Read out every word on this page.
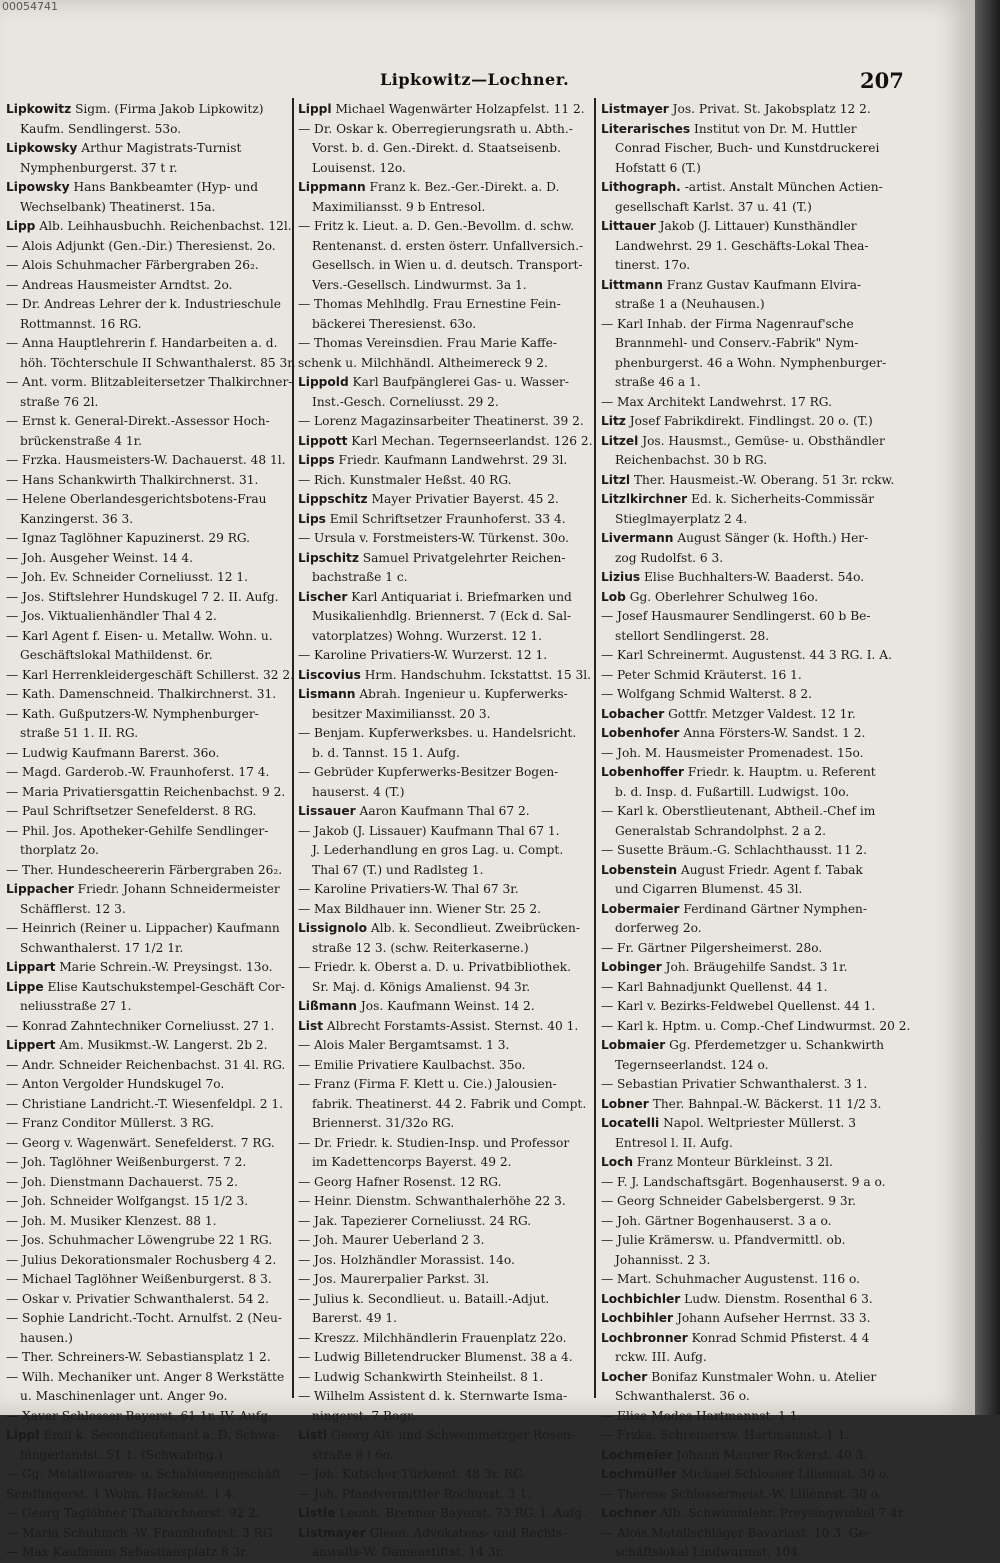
00054741
Lipkowitz—Lochner.	207
Lipkowitz Sigm. (Firma Jakob Lipkowitz)
Kaufm. Sendlingerst. 53o.
Lipkowsky Arthur Magistrats-Turnist
Nymphenburgerst. 37 t r.
Lipowsky Hans Bankbeamter (Hyp- und
Wechselbank) Theatinerst. 15a.
Lipp Alb. Leihhausbuchh. Reichenbachst. 12l.
— Alois Adjunkt (Gen.-Dir.) Theresienst. 2o.
— Alois Schuhmacher Färbergraben 26₂.
— Andreas Hausmeister Arndtst. 2o.
— Dr. Andreas Lehrer der k. Industrieschule
Rottmannst. 16 RG.
— Anna Hauptlehrerin f. Handarbeiten a. d.
höh. Töchterschule II Schwanthalerst. 85 3r.
— Ant. vorm. Blitzableitersetzer Thalkirchner-
straße 76 2l.
— Ernst k. General-Direkt.-Assessor Hoch-
brückenstraße 4 1r.
— Frzka. Hausmeisters-W. Dachauerst. 48 1l.
— Hans Schankwirth Thalkirchnerst. 31.
— Helene Oberlandesgerichtsbotens-Frau
Kanzingerst. 36 3.
— Ignaz Taglöhner Kapuzinerst. 29 RG.
— Joh. Ausgeher Weinst. 14 4.
— Joh. Ev. Schneider Corneliusst. 12 1.
— Jos. Stiftslehrer Hundskugel 7 2. II. Aufg.
— Jos. Viktualienhändler Thal 4 2.
— Karl Agent f. Eisen- u. Metallw. Wohn. u.
Geschäftslokal Mathildenst. 6r.
— Karl Herrenkleidergeschäft Schillerst. 32 2.
— Kath. Damenschneid. Thalkirchnerst. 31.
— Kath. Gußputzers-W. Nymphenburger-
straße 51 1. II. RG.
— Ludwig Kaufmann Barerst. 36o.
— Magd. Garderob.-W. Fraunhoferst. 17 4.
— Maria Privatiersgattin Reichenbachst. 9 2.
— Paul Schriftsetzer Senefelderst. 8 RG.
— Phil. Jos. Apotheker-Gehilfe Sendlinger-
thorplatz 2o.
— Ther. Hundescheererin Färbergraben 26₂.
Lippacher Friedr. Johann Schneidermeister
Schäfflerst. 12 3.
— Heinrich (Reiner u. Lippacher) Kaufmann
Schwanthalerst. 17 1/2 1r.
Lippart Marie Schrein.-W. Preysingst. 13o.
Lippe Elise Kautschukstempel-Geschäft Cor-
neliusstraße 27 1.
— Konrad Zahntechniker Corneliusst. 27 1.
Lippert Am. Musikmst.-W. Langerst. 2b 2.
— Andr. Schneider Reichenbachst. 31 4l. RG.
— Anton Vergolder Hundskugel 7o.
— Christiane Landricht.-T. Wiesenfeldpl. 2 1.
— Franz Conditor Müllerst. 3 RG.
— Georg v. Wagenwärt. Senefelderst. 7 RG.
— Joh. Taglöhner Weißenburgerst. 7 2.
— Joh. Dienstmann Dachauerst. 75 2.
— Joh. Schneider Wolfgangst. 15 1/2 3.
— Joh. M. Musiker Klenzest. 88 1.
— Jos. Schuhmacher Löwengrube 22 1 RG.
— Julius Dekorationsmaler Rochusberg 4 2.
— Michael Taglöhner Weißenburgerst. 8 3.
— Oskar v. Privatier Schwanthalerst. 54 2.
— Sophie Landricht.-Tocht. Arnulfst. 2 (Neu-
hausen.)
— Ther. Schreiners-W. Sebastiansplatz 1 2.
— Wilh. Mechaniker unt. Anger 8 Werkstätte
u. Maschinenlager unt. Anger 9o.
— Xaver Schlosser Bayerst. 61 1r. IV. Aufg.
Lippl Emil k. Secondlieutenant a. D. Schwa-
bingerlandst. 51 1. (Schwabing.)
— Gg. Metallwaaren- u. Schablonengeschäft
Sendlingerst. 1 Wohn. Hackenst. 1 4.
— Georg Taglöhner Thalkirchnerst. 92 2.
— Maria Schuhmch.-W. Fraunhoferst. 3 RG
— Max Kaufmann Sebastiansplatz 8 3r.
Lippl Michael Wagenwärter Holzapfelst. 11 2.
— Dr. Oskar k. Oberregierungsrath u. Abth.-
Vorst. b. d. Gen.-Direkt. d. Staatseisenb.
Louisenst. 12o.
Lippmann Franz k. Bez.-Ger.-Direkt. a. D.
Maximiliansst. 9 b Entresol.
— Fritz k. Lieut. a. D. Gen.-Bevollm. d. schw.
Rentenanst. d. ersten österr. Unfallversich.-
Gesellsch. in Wien u. d. deutsch. Transport-
Vers.-Gesellsch. Lindwurmst. 3a 1.
— Thomas Mehlhdlg. Frau Ernestine Fein-
bäckerei Theresienst. 63o.
— Thomas Vereinsdien. Frau Marie Kaffe-
schenk u. Milchhändl. Altheimereck 9 2.
Lippold Karl Baufpänglerei Gas- u. Wasser-
Inst.-Gesch. Corneliusst. 29 2.
— Lorenz Magazinsarbeiter Theatinerst. 39 2.
Lippott Karl Mechan. Tegernseerlandst. 126 2.
Lipps Friedr. Kaufmann Landwehrst. 29 3l.
— Rich. Kunstmaler Heßst. 40 RG.
Lippschitz Mayer Privatier Bayerst. 45 2.
Lips Emil Schriftsetzer Fraunhoferst. 33 4.
— Ursula v. Forstmeisters-W. Türkenst. 30o.
Lipschitz Samuel Privatgelehrter Reichen-
bachstraße 1 c.
Lischer Karl Antiquariat i. Briefmarken und
Musikalienhdlg. Briennerst. 7 (Eck d. Sal-
vatorplatzes) Wohng. Wurzerst. 12 1.
— Karoline Privatiers-W. Wurzerst. 12 1.
Liscovius Hrm. Handschuhm. Ickstattst. 15 3l.
Lismann Abrah. Ingenieur u. Kupferwerks-
besitzer Maximiliansst. 20 3.
— Benjam. Kupferwerksbes. u. Handelsricht.
b. d. Tannst. 15 1. Aufg.
— Gebrüder Kupferwerks-Besitzer Bogen-
hauserst. 4 (T.)
Lissauer Aaron Kaufmann Thal 67 2.
— Jakob (J. Lissauer) Kaufmann Thal 67 1.
J. Lederhandlung en gros Lag. u. Compt.
Thal 67 (T.) und Radlsteg 1.
— Karoline Privatiers-W. Thal 67 3r.
— Max Bildhauer inn. Wiener Str. 25 2.
Lissignolo Alb. k. Secondlieut. Zweibrücken-
straße 12 3. (schw. Reiterkaserne.)
— Friedr. k. Oberst a. D. u. Privatbibliothek.
Sr. Maj. d. Königs Amalienst. 94 3r.
Lißmann Jos. Kaufmann Weinst. 14 2.
List Albrecht Forstamts-Assist. Sternst. 40 1.
— Alois Maler Bergamtsamst. 1 3.
— Emilie Privatiere Kaulbachst. 35o.
— Franz (Firma F. Klett u. Cie.) Jalousien-
fabrik. Theatinerst. 44 2. Fabrik und Compt.
Briennerst. 31/32o RG.
— Dr. Friedr. k. Studien-Insp. und Professor
im Kadettencorps Bayerst. 49 2.
— Georg Hafner Rosenst. 12 RG.
— Heinr. Dienstm. Schwanthalerhöhe 22 3.
— Jak. Tapezierer Corneliusst. 24 RG.
— Joh. Maurer Ueberland 2 3.
— Jos. Holzhändler Morassist. 14o.
— Jos. Maurerpalier Parkst. 3l.
— Julius k. Secondlieut. u. Bataill.-Adjut.
Barerst. 49 1.
— Kreszz. Milchhändlerin Frauenplatz 22o.
— Ludwig Billetendrucker Blumenst. 38 a 4.
— Ludwig Schankwirth Steinheilst. 8 1.
— Wilhelm Assistent d. k. Sternwarte Isma-
ningerst. 7 Bogr.
Listl Georg Alt- und Schweinmetzger Rosen-
straße 8 l 6o.
— Joh. Kutscher Türkenst. 48 3r. RG.
— Joh. Pfandvermittler Rochusst. 3 1.
Listle Leonh. Brenner Bayerst. 73 RG. I. Aufg.
Listmayer Gleon. Advokatens- und Rechts-
anwalts-W. Damenstiftst. 14 3r.
Listmayer Jos. Privat. St. Jakobsplatz 12 2.
Literarisches Institut von Dr. M. Huttler
Conrad Fischer, Buch- und Kunstdruckerei
Hofstatt 6 (T.)
Lithograph. -artist. Anstalt München Actien-
gesellschaft Karlst. 37 u. 41 (T.)
Littauer Jakob (J. Littauer) Kunsthändler
Landwehrst. 29 1. Geschäfts-Lokal Thea-
tinerst. 17o.
Littmann Franz Gustav Kaufmann Elvira-
straße 1 a (Neuhausen.)
— Karl Inhab. der Firma Nagenrauf'sche
Brannmehl- und Conserv.-Fabrik" Nym-
phenburgerst. 46 a Wohn. Nymphenburger-
straße 46 a 1.
— Max Architekt Landwehrst. 17 RG.
Litz Josef Fabrikdirekt. Findlingst. 20 o. (T.)
Litzel Jos. Hausmst., Gemüse- u. Obsthändler
Reichenbachst. 30 b RG.
Litzl Ther. Hausmeist.-W. Oberang. 51 3r. rckw.
Litzlkirchner Ed. k. Sicherheits-Commissär
Stieglmayerplatz 2 4.
Livermann August Sänger (k. Hofth.) Her-
zog Rudolfst. 6 3.
Lizius Elise Buchhalters-W. Baaderst. 54o.
Lob Gg. Oberlehrer Schulweg 16o.
— Josef Hausmaurer Sendlingerst. 60 b Be-
stellort Sendlingerst. 28.
— Karl Schreinermt. Augustenst. 44 3 RG. I. A.
— Peter Schmid Kräuterst. 16 1.
— Wolfgang Schmid Walterst. 8 2.
Lobacher Gottfr. Metzger Valdest. 12 1r.
Lobenhofer Anna Försters-W. Sandst. 1 2.
— Joh. M. Hausmeister Promenadest. 15o.
Lobenhoffer Friedr. k. Hauptm. u. Referent
b. d. Insp. d. Fußartill. Ludwigst. 10o.
— Karl k. Oberstlieutenant, Abtheil.-Chef im
Generalstab Schrandolphst. 2 a 2.
— Susette Bräum.-G. Schlachthausst. 11 2.
Lobenstein August Friedr. Agent f. Tabak
und Cigarren Blumenst. 45 3l.
Lobermaier Ferdinand Gärtner Nymphen-
dorferweg 2o.
— Fr. Gärtner Pilgersheimerst. 28o.
Lobinger Joh. Bräugehilfe Sandst. 3 1r.
— Karl Bahnadjunkt Quellenst. 44 1.
— Karl v. Bezirks-Feldwebel Quellenst. 44 1.
— Karl k. Hptm. u. Comp.-Chef Lindwurmst. 20 2.
Lobmaier Gg. Pferdemetzger u. Schankwirth
Tegernseerlandst. 124 o.
— Sebastian Privatier Schwanthalerst. 3 1.
Lobner Ther. Bahnpal.-W. Bäckerst. 11 1/2 3.
Locatelli Napol. Weltpriester Müllerst. 3
Entresol l. II. Aufg.
Loch Franz Monteur Bürkleinst. 3 2l.
— F. J. Landschaftsgärt. Bogenhauserst. 9 a o.
— Georg Schneider Gabelsbergerst. 9 3r.
— Joh. Gärtner Bogenhauserst. 3 a o.
— Julie Krämersw. u. Pfandvermittl. ob.
Johannisst. 2 3.
— Mart. Schuhmacher Augustenst. 116 o.
Lochbichler Ludw. Dienstm. Rosenthal 6 3.
Lochbihler Johann Aufseher Herrnst. 33 3.
Lochbronner Konrad Schmid Pfisterst. 4 4
rckw. III. Aufg.
Locher Bonifaz Kunstmaler Wohn. u. Atelier
Schwanthalerst. 36 o.
— Elise Modes Hartmannst. 1 1.
— Frzka. Schreinersw. Hartmannst. 1 1.
Lochmeier Johann Maurer Rockerst. 40 3.
Lochmüller Michael Schlosser Liliennst. 30 o.
— Therese Schlossermeist.-W. Liliennst. 30 o.
Lochner Alb. Schwimmlehr. Preysingwinkel 7 4r.
— Alois Metallschläger Bavariast. 10 3. Ge-
schäftslokal Lindwurmst. 104.
